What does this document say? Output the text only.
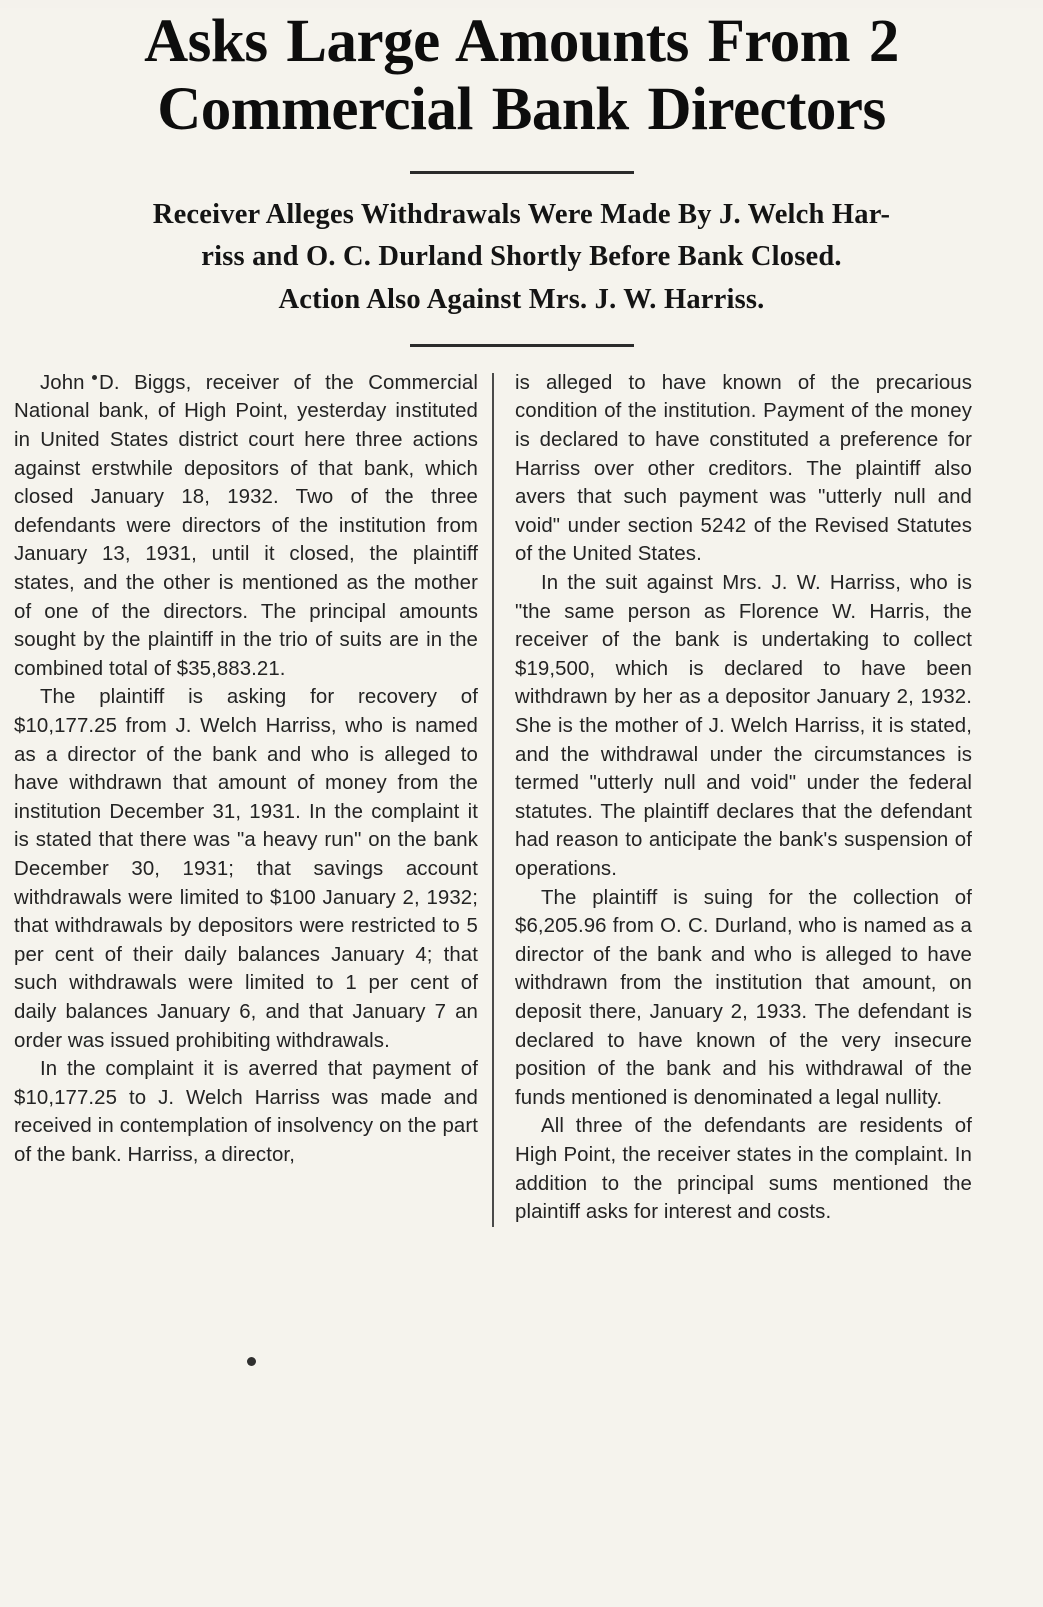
Asks Large Amounts From 2
Commercial Bank Directors
Receiver Alleges Withdrawals Were Made By J. Welch Har-
riss and O. C. Durland Shortly Before Bank Closed.
Action Also Against Mrs. J. W. Harriss.

John D. Biggs, receiver of the Commercial National bank, of High Point, yesterday instituted in United States district court here three actions against erstwhile depositors of that bank, which closed January 18, 1932. Two of the three defendants were directors of the institution from January 13, 1931, until it closed, the plaintiff states, and the other is mentioned as the mother of one of the directors. The principal amounts sought by the plaintiff in the trio of suits are in the combined total of $35,883.21.

The plaintiff is asking for recovery of $10,177.25 from J. Welch Harriss, who is named as a director of the bank and who is alleged to have withdrawn that amount of money from the institution December 31, 1931. In the complaint it is stated that there was "a heavy run" on the bank December 30, 1931; that savings account withdrawals were limited to $100 January 2, 1932; that withdrawals by depositors were restricted to 5 per cent of their daily balances January 4; that such withdrawals were limited to 1 per cent of daily balances January 6, and that January 7 an order was issued prohibiting withdrawals.

In the complaint it is averred that payment of $10,177.25 to J. Welch Harriss was made and received in contemplation of insolvency on the part of the bank. Harriss, a director,

is alleged to have known of the precarious condition of the institution. Payment of the money is declared to have constituted a preference for Harriss over other creditors. The plaintiff also avers that such payment was "utterly null and void" under section 5242 of the Revised Statutes of the United States.

In the suit against Mrs. J. W. Harriss, who is "the same person as Florence W. Harris, the receiver of the bank is undertaking to collect $19,500, which is declared to have been withdrawn by her as a depositor January 2, 1932. She is the mother of J. Welch Harriss, it is stated, and the withdrawal under the circumstances is termed "utterly null and void" under the federal statutes. The plaintiff declares that the defendant had reason to anticipate the bank's suspension of operations.

The plaintiff is suing for the collection of $6,205.96 from O. C. Durland, who is named as a director of the bank and who is alleged to have withdrawn from the institution that amount, on deposit there, January 2, 1933. The defendant is declared to have known of the very insecure position of the bank and his withdrawal of the funds mentioned is denominated a legal nullity.

All three of the defendants are residents of High Point, the receiver states in the complaint. In addition to the principal sums mentioned the plaintiff asks for interest and costs.
